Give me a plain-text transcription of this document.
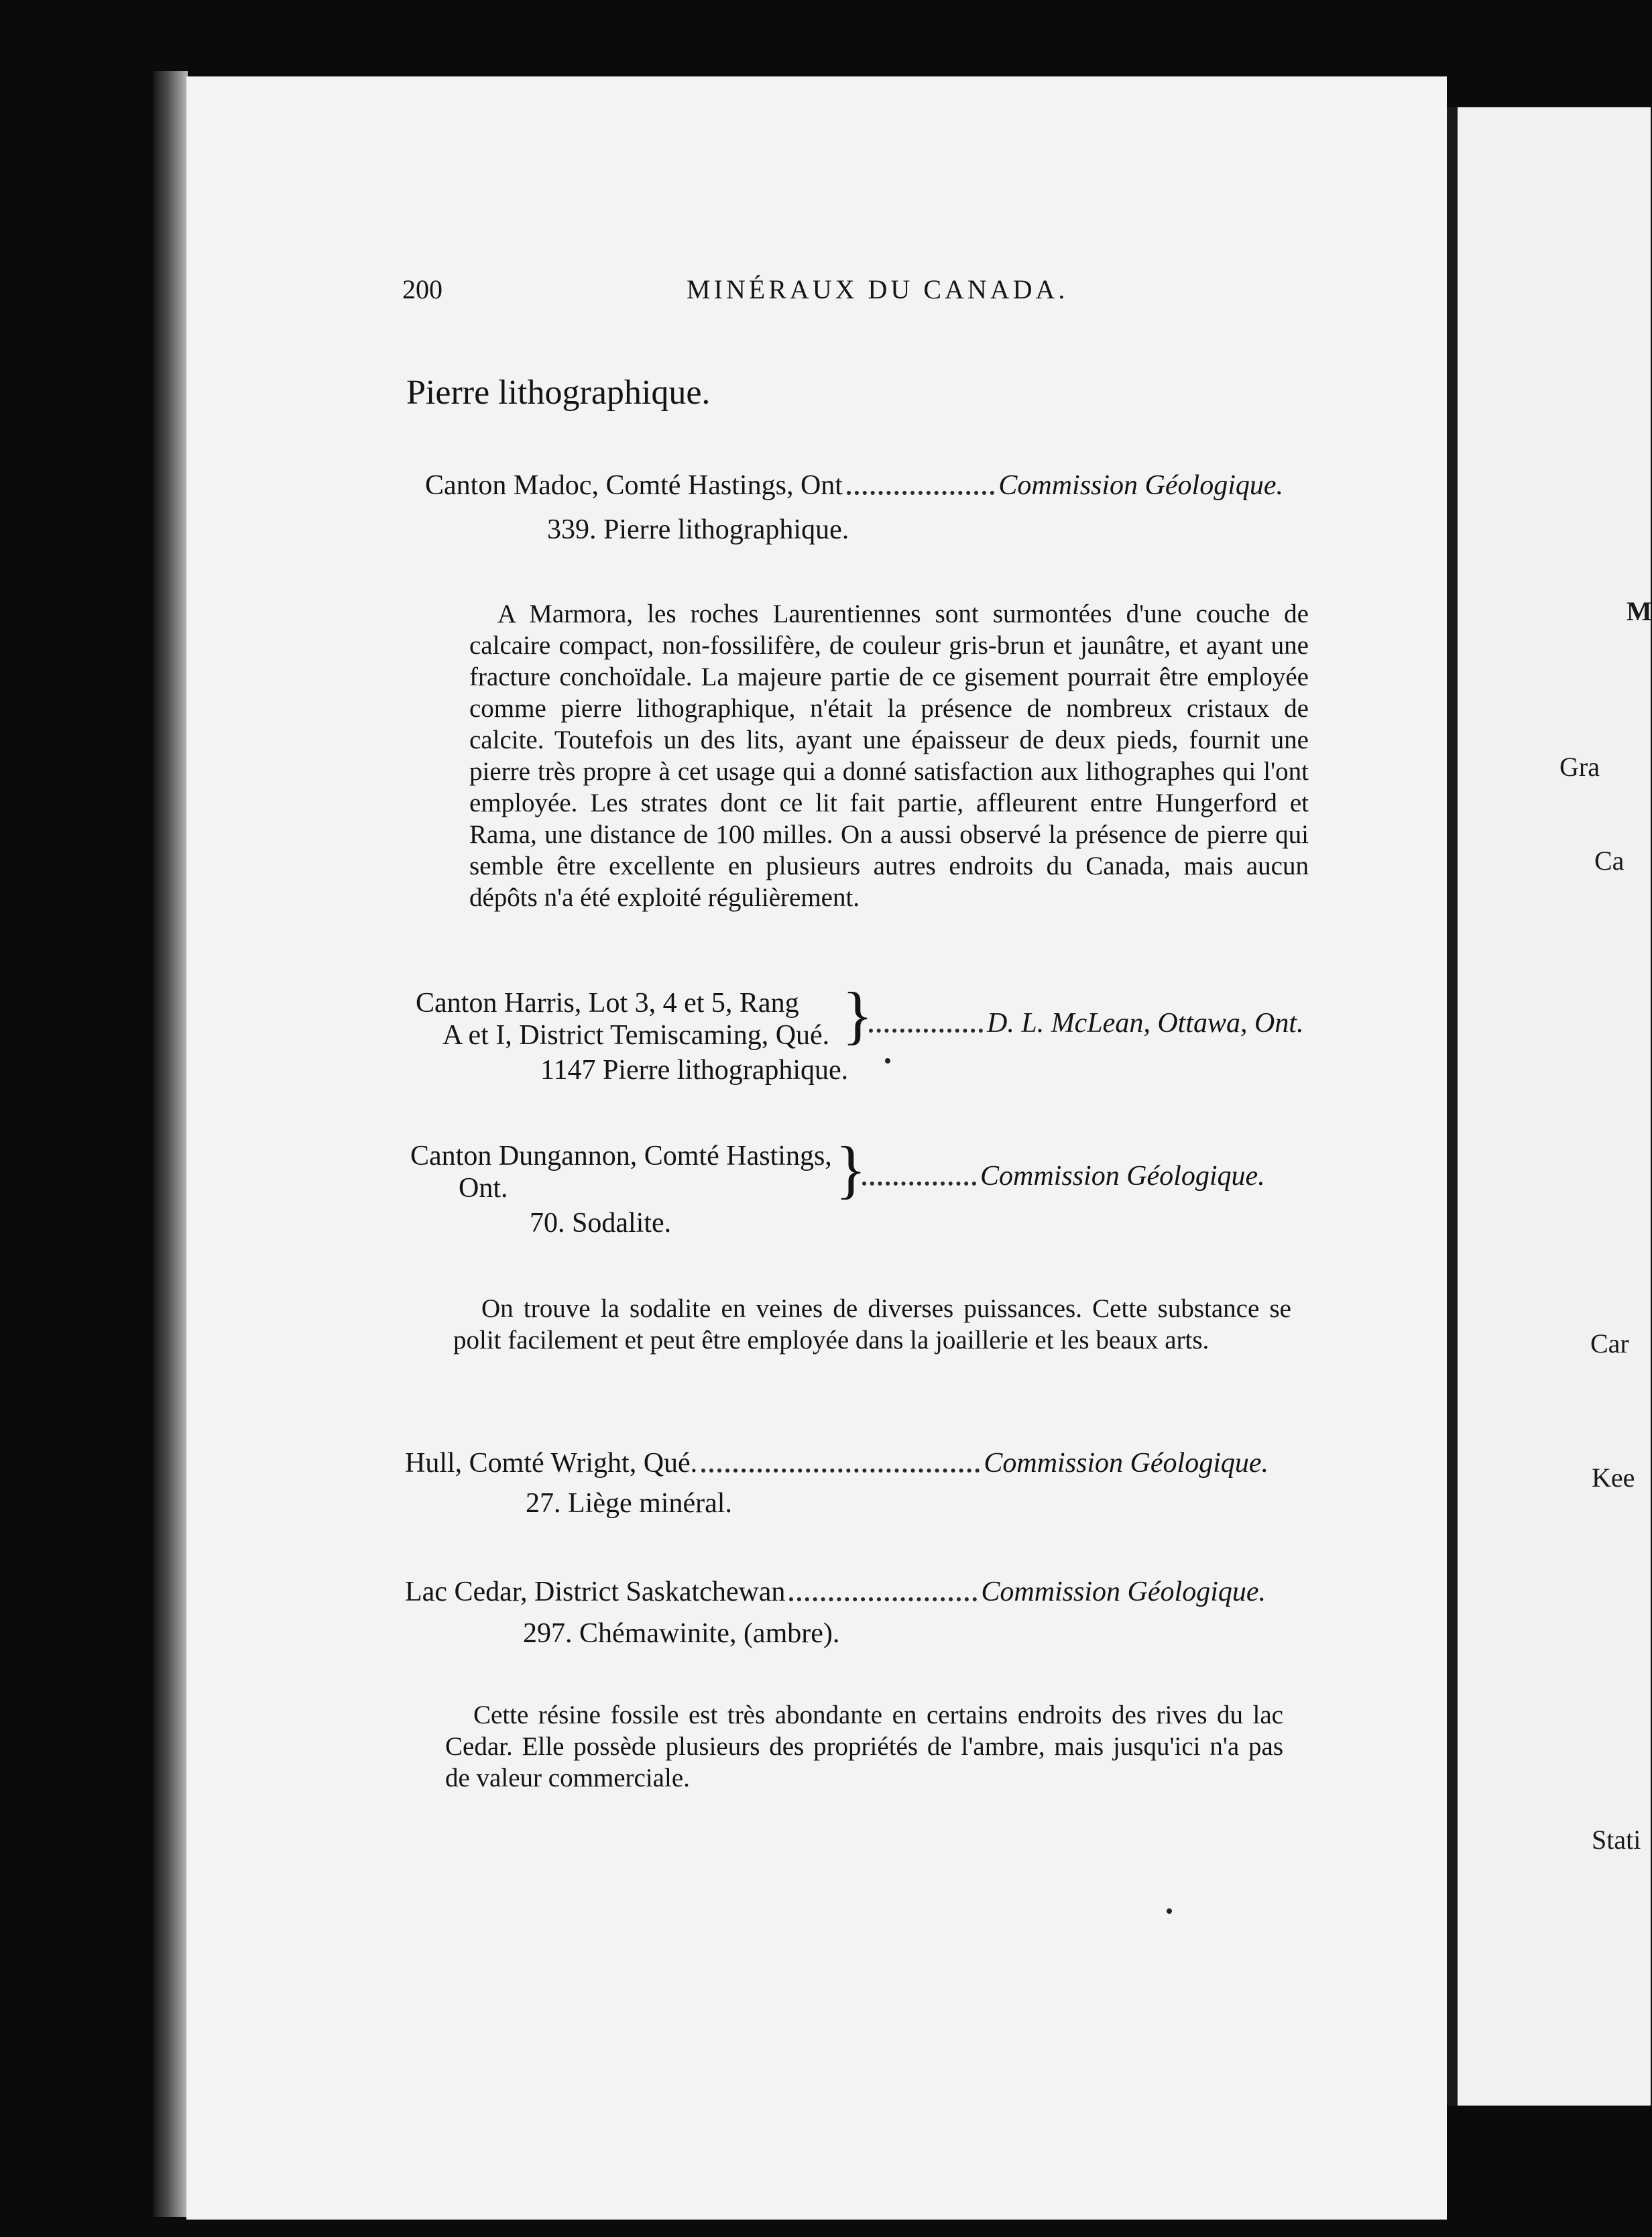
M
Gra
Ca
Car
Kee
Stati
200	MINÉRAUX DU CANADA.
Pierre lithographique.
Canton Madoc, Comté Hastings, Ont	Commission Géologique.
339. Pierre lithographique.

A Marmora, les roches Laurentiennes sont surmontées d'une couche de calcaire compact, non-fossilifère, de couleur gris-brun et jaunâtre, et ayant une fracture conchoïdale. La majeure partie de ce gisement pourrait être employée comme pierre lithographique, n'était la présence de nombreux cristaux de calcite. Toutefois un des lits, ayant une épaisseur de deux pieds, fournit une pierre très propre à cet usage qui a donné satisfaction aux lithographes qui l'ont employée. Les strates dont ce lit fait partie, affleurent entre Hungerford et Rama, une distance de 100 milles. On a aussi observé la présence de pierre qui semble être excellente en plusieurs autres endroits du Canada, mais aucun dépôts n'a été exploité régulièrement.

Canton Harris, Lot 3, 4 et 5, Rang
A et I, District Temiscaming, Qué. }	D. L. McLean, Ottawa, Ont.
1147 Pierre lithographique.
Canton Dungannon, Comté Hastings,
Ont.	}	Commission Géologique.
70. Sodalite.

On trouve la sodalite en veines de diverses puissances. Cette substance se polit facilement et peut être employée dans la joaillerie et les beaux arts.

Hull, Comté Wright, Qué.	Commission Géologique.
27. Liège minéral.
Lac Cedar, District Saskatchewan	Commission Géologique.
297. Chémawinite, (ambre).

Cette résine fossile est très abondante en certains endroits des rives du lac Cedar. Elle possède plusieurs des propriétés de l'ambre, mais jusqu'ici n'a pas de valeur commerciale.
